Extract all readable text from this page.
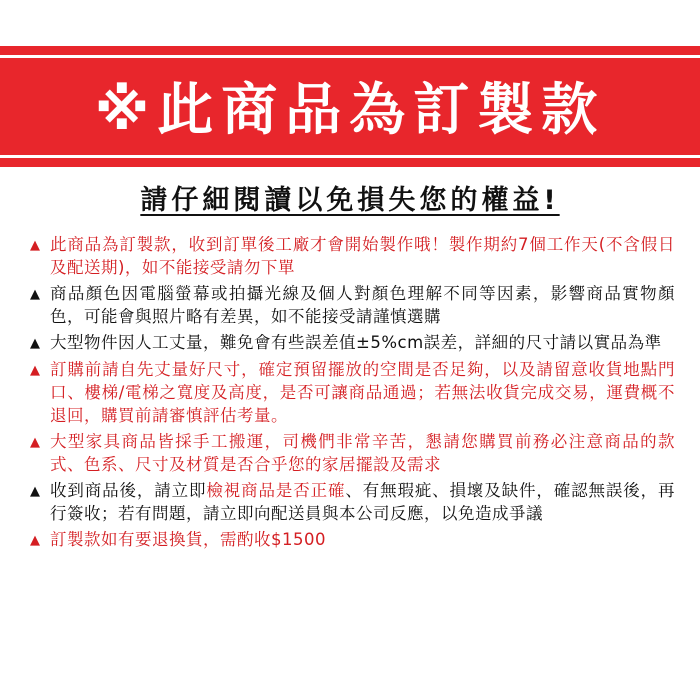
※此商品為訂製款
請仔細閱讀以免損失您的權益!
▲ 此商品為訂製款，收到訂單後工廠才會開始製作哦！製作期約7個工作天(不含假日及配送期)，如不能接受請勿下單
▲ 商品顏色因電腦螢幕或拍攝光線及個人對顏色理解不同等因素，影響商品實物顏色，可能會與照片略有差異，如不能接受請謹慎選購
▲ 大型物件因人工丈量，難免會有些誤差值±5%cm誤差，詳細的尺寸請以實品為準
▲ 訂購前請自先丈量好尺寸，確定預留擺放的空間是否足夠，以及請留意收貨地點門口、樓梯/電梯之寬度及高度，是否可讓商品通過；若無法收貨完成交易，運費概不退回，購買前請審慎評估考量。
▲ 大型家具商品皆採手工搬運，司機們非常辛苦，懇請您購買前務必注意商品的款式、色系、尺寸及材質是否合乎您的家居擺設及需求
▲ 收到商品後，請立即檢視商品是否正確、有無瑕疵、損壞及缺件，確認無誤後，再行簽收；若有問題，請立即向配送員與本公司反應，以免造成爭議
▲ 訂製款如有要退換貨，需酌收$1500
